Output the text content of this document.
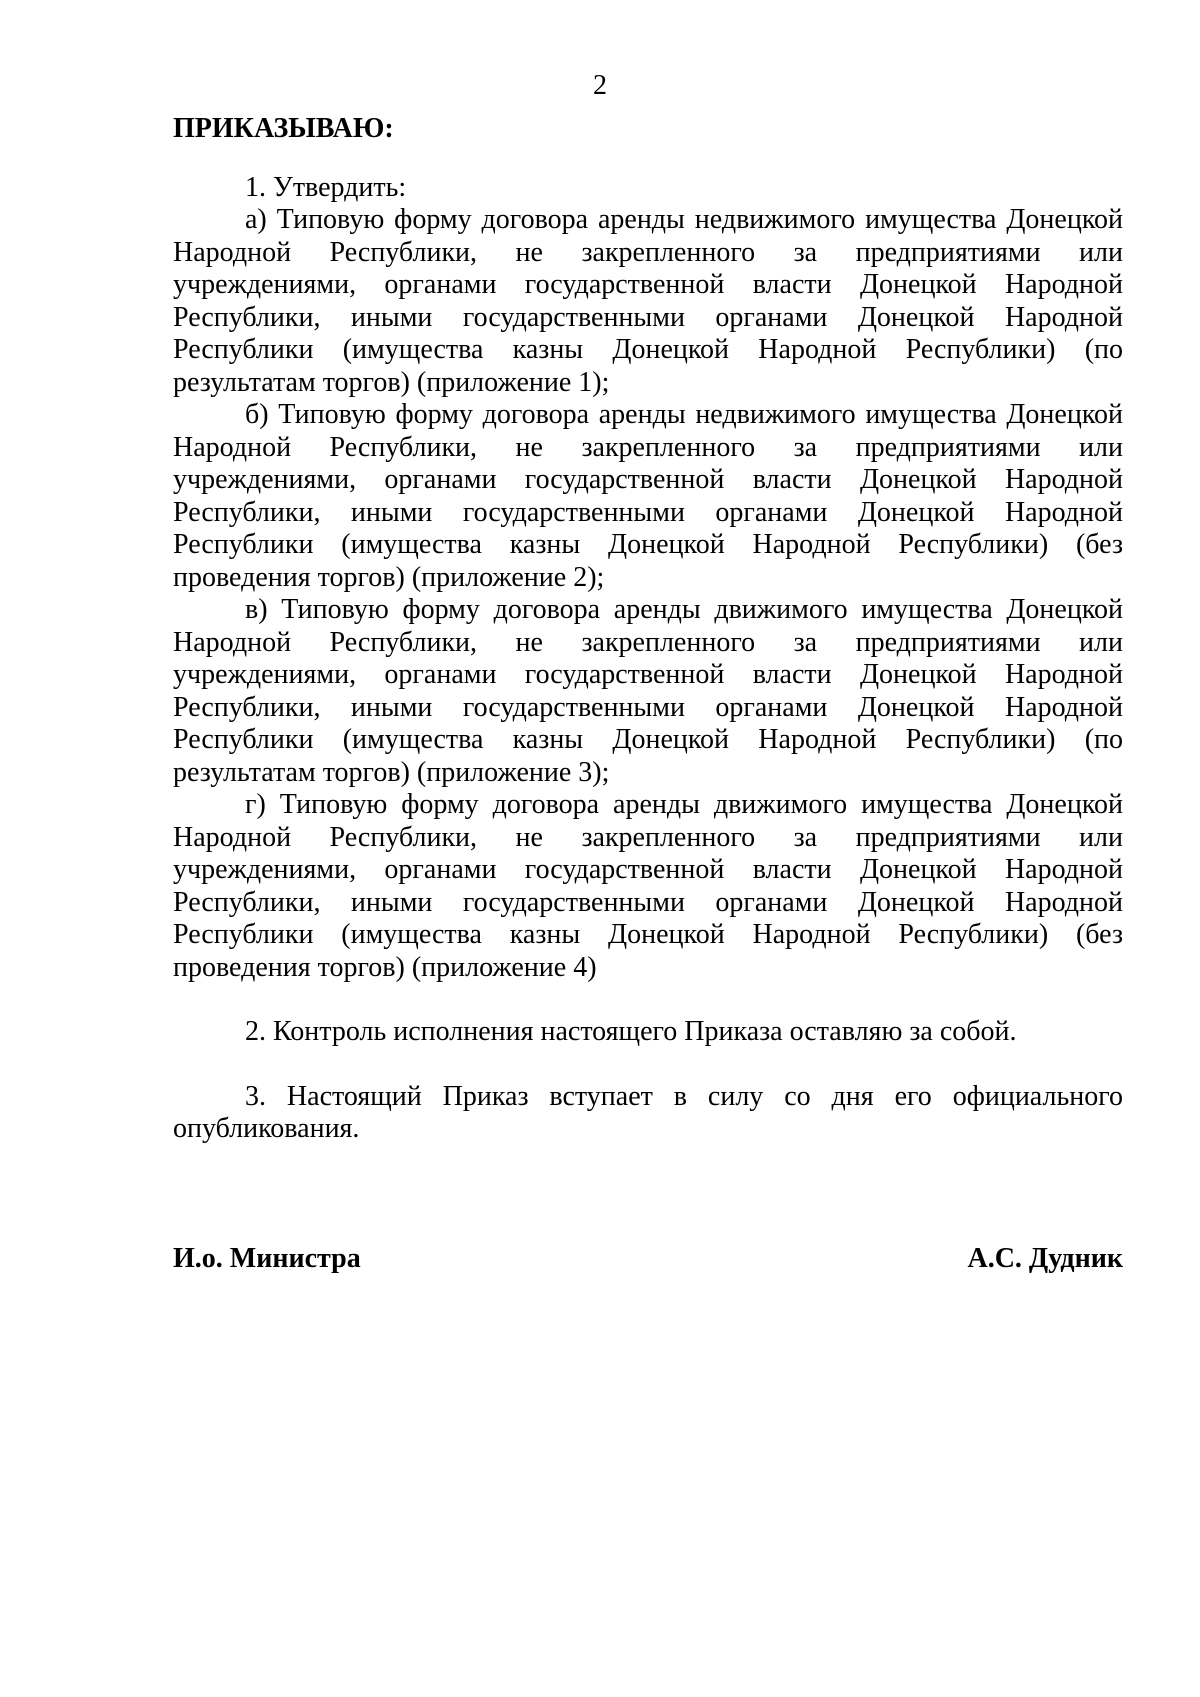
2
ПРИКАЗЫВАЮ:

1. Утвердить:

а) Типовую форму договора аренды недвижимого имущества Донецкой Народной Республики, не закрепленного за предприятиями или учреждениями, органами государственной власти Донецкой Народной Республики, иными государственными органами Донецкой Народной Республики (имущества казны Донецкой Народной Республики) (по результатам торгов) (приложение 1);

б) Типовую форму договора аренды недвижимого имущества Донецкой Народной Республики, не закрепленного за предприятиями или учреждениями, органами государственной власти Донецкой Народной Республики, иными государственными органами Донецкой Народной Республики (имущества казны Донецкой Народной Республики) (без проведения торгов) (приложение 2);

в) Типовую форму договора аренды движимого имущества Донецкой Народной Республики, не закрепленного за предприятиями или учреждениями, органами государственной власти Донецкой Народной Республики, иными государственными органами Донецкой Народной Республики (имущества казны Донецкой Народной Республики) (по результатам торгов) (приложение 3);

г) Типовую форму договора аренды движимого имущества Донецкой Народной Республики, не закрепленного за предприятиями или учреждениями, органами государственной власти Донецкой Народной Республики, иными государственными органами Донецкой Народной Республики (имущества казны Донецкой Народной Республики) (без проведения торгов) (приложение 4)

2. Контроль исполнения настоящего Приказа оставляю за собой.

3. Настоящий Приказ вступает в силу со дня его официального опубликования.

И.о. Министра	А.С. Дудник
